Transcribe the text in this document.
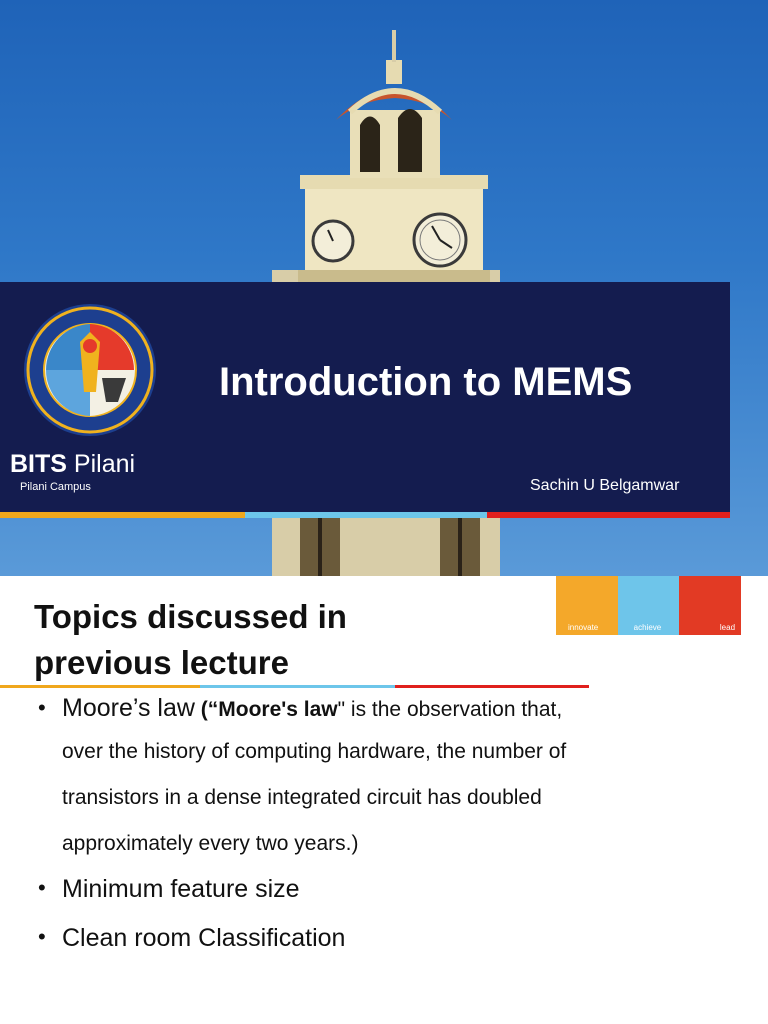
BITS Pilani
Pilani Campus
Introduction to MEMS
Sachin U Belgamwar
Topics discussed in
previous lecture
innovate	achieve	lead
• Moore’s law (“Moore's law" is the observation that,
over the history of computing hardware, the number of
transistors in a dense integrated circuit has doubled
approximately every two years.)
• Minimum feature size
• Clean room Classification
